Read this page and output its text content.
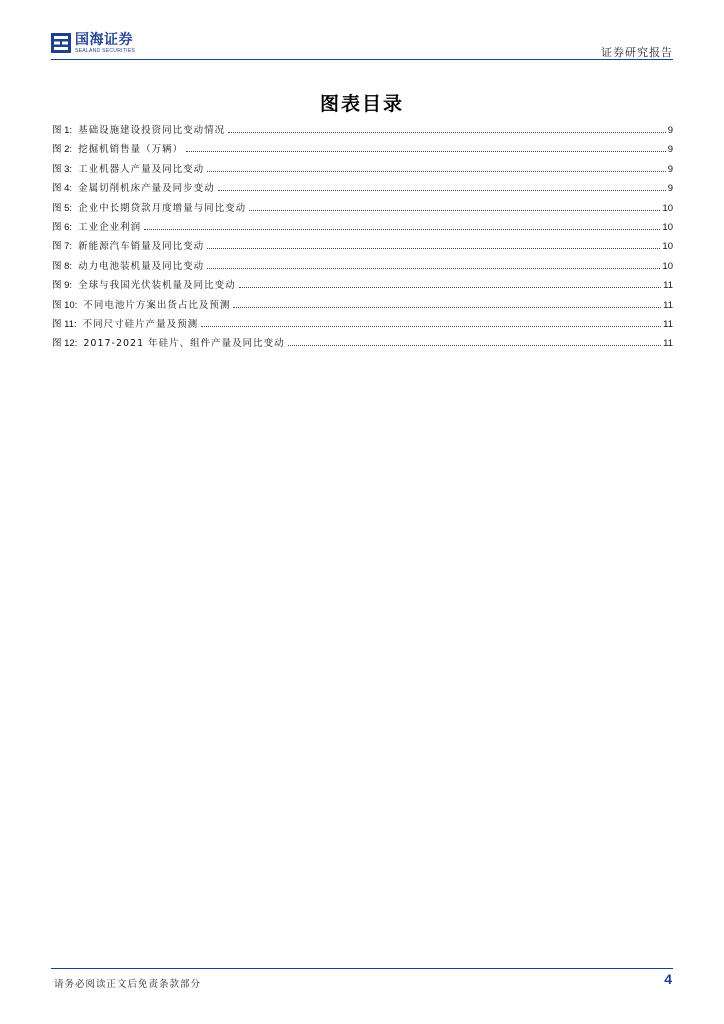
国海证券
SEALAND SECURITIES	证券研究报告
图表目录
图 1: 基础设施建设投资同比变动情况	9
图 2: 挖掘机销售量（万辆）	9
图 3: 工业机器人产量及同比变动	9
图 4: 金属切削机床产量及同步变动	9
图 5: 企业中长期贷款月度增量与同比变动	10
图 6: 工业企业利润	10
图 7: 新能源汽车销量及同比变动	10
图 8: 动力电池装机量及同比变动	10
图 9: 全球与我国光伏装机量及同比变动	11
图 10: 不同电池片方案出货占比及预测	11
图 11: 不同尺寸硅片产量及预测	11
图 12: 2017-2021 年硅片、组件产量及同比变动	11
请务必阅读正文后免责条款部分	4
